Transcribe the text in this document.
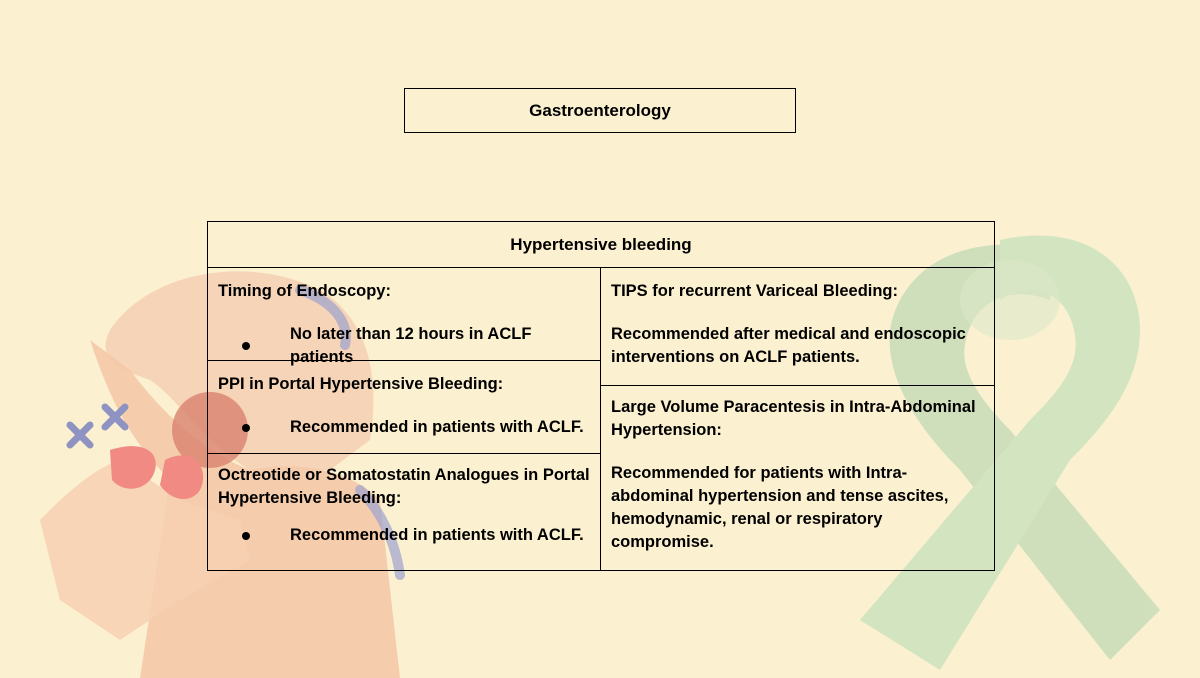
Gastroenterology
Hypertensive bleeding
Timing of Endoscopy:
No later than 12 hours in ACLF patients
PPI in Portal Hypertensive Bleeding:
Recommended in patients with ACLF.
Octreotide or Somatostatin Analogues in Portal Hypertensive Bleeding:
Recommended in patients with ACLF.
TIPS for recurrent Variceal Bleeding:
Recommended after medical and endoscopic interventions on ACLF patients.
Large Volume Paracentesis in Intra-Abdominal Hypertension:
Recommended for patients with Intra-abdominal hypertension and tense ascites, hemodynamic, renal or respiratory compromise.
